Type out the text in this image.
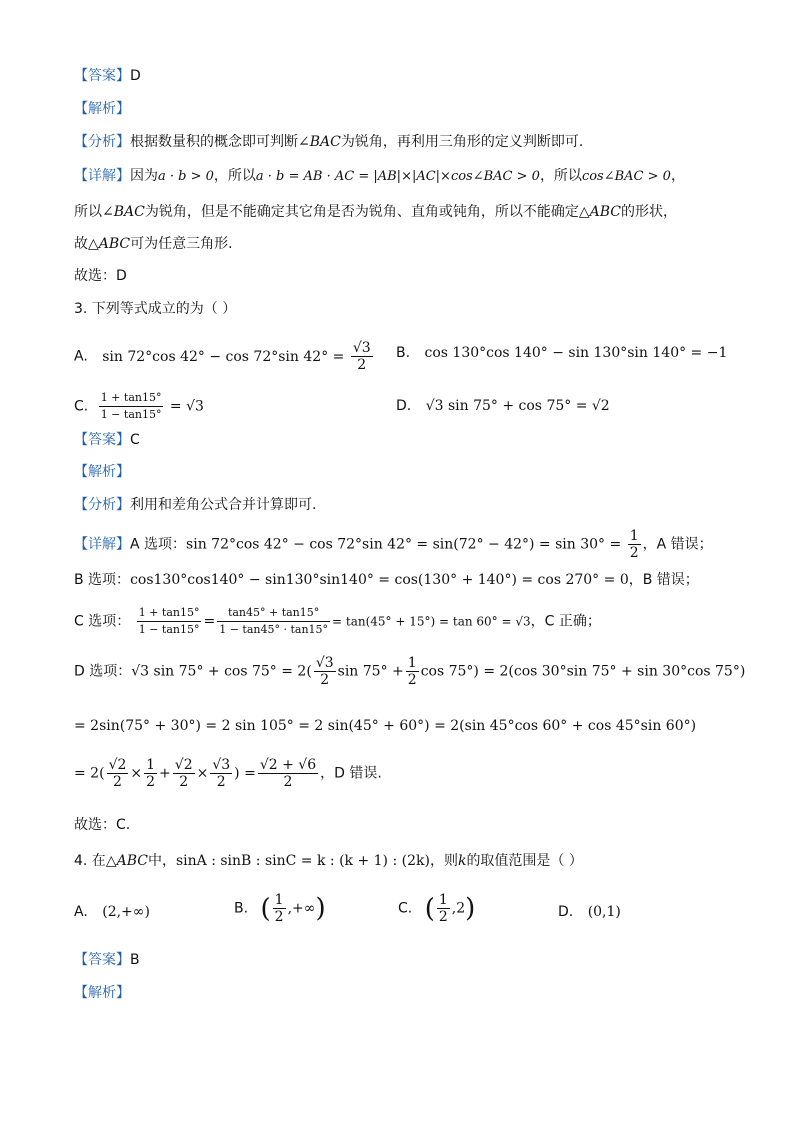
【答案】D
【解析】
【分析】根据数量积的概念即可判断∠BAC为锐角，再利用三角形的定义判断即可.
【详解】因为a · b > 0，所以a · b = AB · AC = |AB|×|AC|×cos∠BAC > 0，所以cos∠BAC > 0，
所以∠BAC为锐角，但是不能确定其它角是否为锐角、直角或钝角，所以不能确定△ABC的形状，
故△ABC可为任意三角形.
故选：D
3. 下列等式成立的为（ ）
A. sin 72°cos 42° − cos 72°sin $42^\circ = \frac{√3}{2} B$. cos 130°cos 140° − sin 130°sin 140° = −1
C. $\frac{1 + \tan 15^\circ}{1 - \tan 15^\circ} = √3$	D. √3 sin 75° + cos 75° = √2
【答案】C
【解析】
【分析】利用和差角公式合并计算即可.
【详解】A 选项：sin 72°cos 42° − cos 72°sin $42^\circ = \sin(72^\circ - 42^\circ) = \sin 30^\circ = \frac{1}{2}$ ，A 错误；
B 选项：cos130°cos140° − sin130°sin140° = cos(130° + 140°) = cos 270° = 0，B 错误；
C 选项： $\frac{1 + \tan 15^\circ}{1 - \tan 15^\circ} = \frac{\tan 45^\circ + \tan 15^\circ}{1 - \tan 45^\circ \cdot \tan 15^\circ} = \tan(45^\circ + 15^\circ) = \tan 60^\circ = √3$，C 正确；
D 选项：√3 $\sin 75^\circ + \cos 75^\circ = 2( \frac{√3}{2}$ $\sin 75^\circ + \frac{1}{2}$ cos 75°) = 2(cos 30°sin 75° + sin 30°cos 75°)
= 2sin(75° + 30°) = 2 sin 105° = 2 sin(45° + 60°) = 2(sin 45°cos 60° + cos 45°sin 60°)
= $2( \frac{√2}{2} \times \frac{1}{2} + \frac{√2}{2} \times \frac{√3}{2}$ ) = $\frac{√2 + √6}{2}$ ，D 错误.
故选：C.
4. 在△ABC中，sinA : sinB : sinC = k : (k + 1) : (2k)，则k的取值范围是（ ）
A. (2,+∞)	B. ( $\frac{1}{2}$ ,+∞)	C. ( $\frac{1}{2} ,2$)	D. (0,1)
【答案】B
【解析】
